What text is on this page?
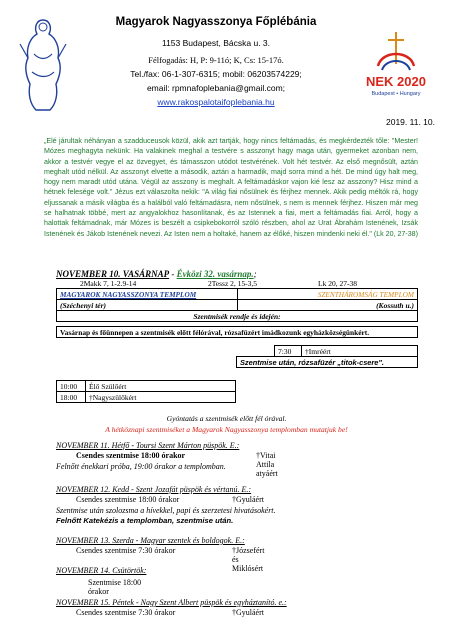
Magyarok Nagyasszonya Főplébánia
1153 Budapest, Bácska u. 3.
Félfogadás: H, P: 9-11ó; K, Cs: 15-17ó.
Tel./fax: 06-1-307-6315; mobil: 06203574229;
email: rpmnafoplebania@gmail.com;
www.rakospalotaifoplebania.hu
NEK 2020
Budapest • Hungary
2019. 11. 10.
„Elé járultak néhányan a szadduceusok közül, akik azt tartják, hogy nincs feltámadás, és megkérdezték tőle: "Mester! Mózes meghagyta nekünk: Ha valakinek meghal a testvére s asszonyt hagy maga után, gyermeket azonban nem, akkor a testvér vegye el az özvegyet, és támasszon utódot testvérének. Volt hét testvér. Az első megnősült, aztán meghalt utód nélkül. Az asszonyt elvette a második, aztán a harmadik, majd sorra mind a hét. De mind úgy halt meg, hogy nem maradt utód utána. Végül az asszony is meghalt. A feltámadáskor vajon kié lesz az asszony? Hisz mind a hétnek felesége volt." Jézus ezt válaszolta nekik: "A világ fiai nősülnek és férjhez mennek. Akik pedig méltók rá, hogy eljussanak a másik világba és a halálból való feltámadásra, nem nősülnek, s nem is mennek férjhez. Hiszen már meg se halhatnak többé, mert az angyalokhoz hasonlítanak, és az Istennek a fiai, mert a feltámadás fiai. Arról, hogy a halottak feltámadnak, már Mózes is beszélt a csipkebokorról szóló részben, ahol az Urat Ábrahám Istenének, Izsák Istenének és Jákob Istenének nevezi. Az Isten nem a holtaké, hanem az élőké, hiszen mindenki neki él." (Lk 20, 27-38)
NOVEMBER 10. VASÁRNAP - Évközi 32. vasárnap.;
2Makk 7, 1-2.9-14	2Tessz 2, 15-3,5	Lk 20, 27-38
MAGYAROK NAGYASSZONYA TEMPLOM	SZENTHÁROMSÁG TEMPLOM
(Széchenyi tér)	(Kossuth u.)
Szentmisék rendje és idején:	

Vasárnap és főünnepen a szentmisék előtt félórával, rózsafüzért imádkozunk egyházközségünkért.	
7:30	†Imréért
Szentmise után, rózsafüzér „titok-csere".
10:00	Élő Szülőért
18:00	†Nagyszülőkért
Gyóntatás a szentmisék előtt fél órával.
A hétköznapi szentmiséket a Magyarok Nagyasszonya templomban mutatjuk be!
NOVEMBER 11. Hétfő - Toursi Szent Márton püspök. E.:
Csendes szentmise 18:00 órakor	†Vitai Attila atyáért
Felnőtt énekkari próba, 19:00 órakor a templomban.
NOVEMBER 12. Kedd - Szent Jozafát püspök és vértanú. E.:
Csendes szentmise 18:00 órakor	†Gyuláért
Szentmise után szolozsma a hívekkel, papi és szerzetesi hivatásokért.
Felnőtt Katekézis a templomban, szentmise után.
NOVEMBER 13. Szerda - Magyar szentek és boldogok. E.:
Csendes szentmise 7:30 órakor	†Józsefért és Miklósért
NOVEMBER 14. Csütörtök:
Szentmise 18:00 órakor
NOVEMBER 15. Péntek - Nagy Szent Albert püspök és egyháztanító. e.:
Csendes szentmise 7:30 órakor	†Gyuláért
